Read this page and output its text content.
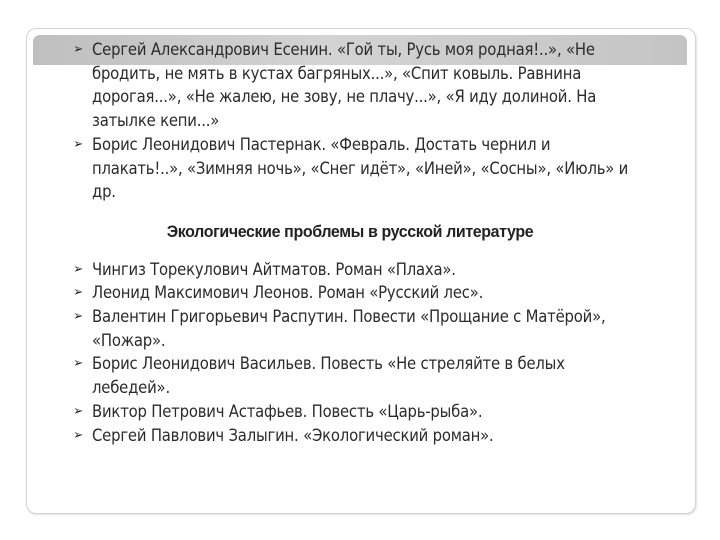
➢ Сергей Александрович Есенин. «Гой ты, Русь моя родная!..», «Не бродить, не мять в кустах багряных...», «Спит ковыль. Равнина дорогая...», «Не жалею, не зову, не плачу...», «Я иду долиной. На затылке кепи...»
➢ Борис Леонидович Пастернак. «Февраль. Достать чернил и плакать!..», «Зимняя ночь», «Снег идёт», «Иней», «Сосны», «Июль» и др.
Экологические проблемы в русской литературе
➢ Чингиз Торекулович Айтматов. Роман «Плаха».
➢ Леонид Максимович Леонов. Роман «Русский лес».
➢ Валентин Григорьевич Распутин. Повести «Прощание с Матёрой», «Пожар».
➢ Борис Леонидович Васильев. Повесть «Не стреляйте в белых лебедей».
➢ Виктор Петрович Астафьев. Повесть «Царь-рыба».
➢ Сергей Павлович Залыгин. «Экологический роман».
